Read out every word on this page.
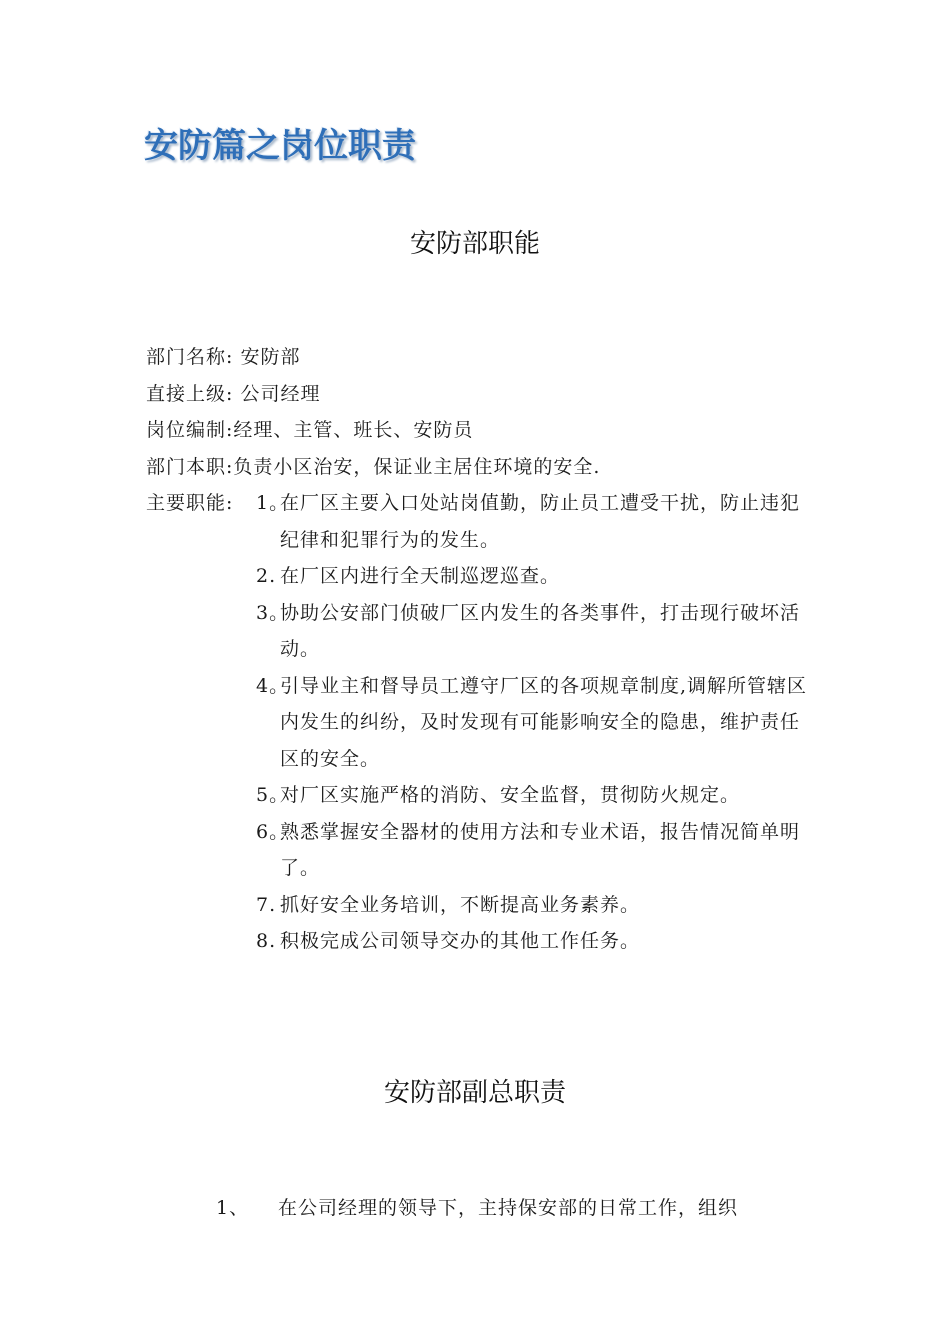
安防篇之岗位职责
安防部职能
部门名称: 安防部
直接上级: 公司经理
岗位编制:经理、主管、班长、安防员
部门本职:负责小区治安，保证业主居住环境的安全.
主要职能: 1。
在厂区主要入口处站岗值勤，防止员工遭受干扰，防止违犯纪律和犯罪行为的发生。
2. 在厂区内进行全天制巡逻巡查。
3。
协助公安部门侦破厂区内发生的各类事件，打击现行破坏活动。
4。
引导业主和督导员工遵守厂区的各项规章制度,调解所管辖区内发生的纠纷，及时发现有可能影响安全的隐患，维护责任区的安全。
5。
对厂区实施严格的消防、安全监督，贯彻防火规定。
6。
熟悉掌握安全器材的使用方法和专业术语，报告情况简单明了。
7. 抓好安全业务培训，不断提高业务素养。
8. 积极完成公司领导交办的其他工作任务。
安防部副总职责
1、 在公司经理的领导下，主持保安部的日常工作，组织
